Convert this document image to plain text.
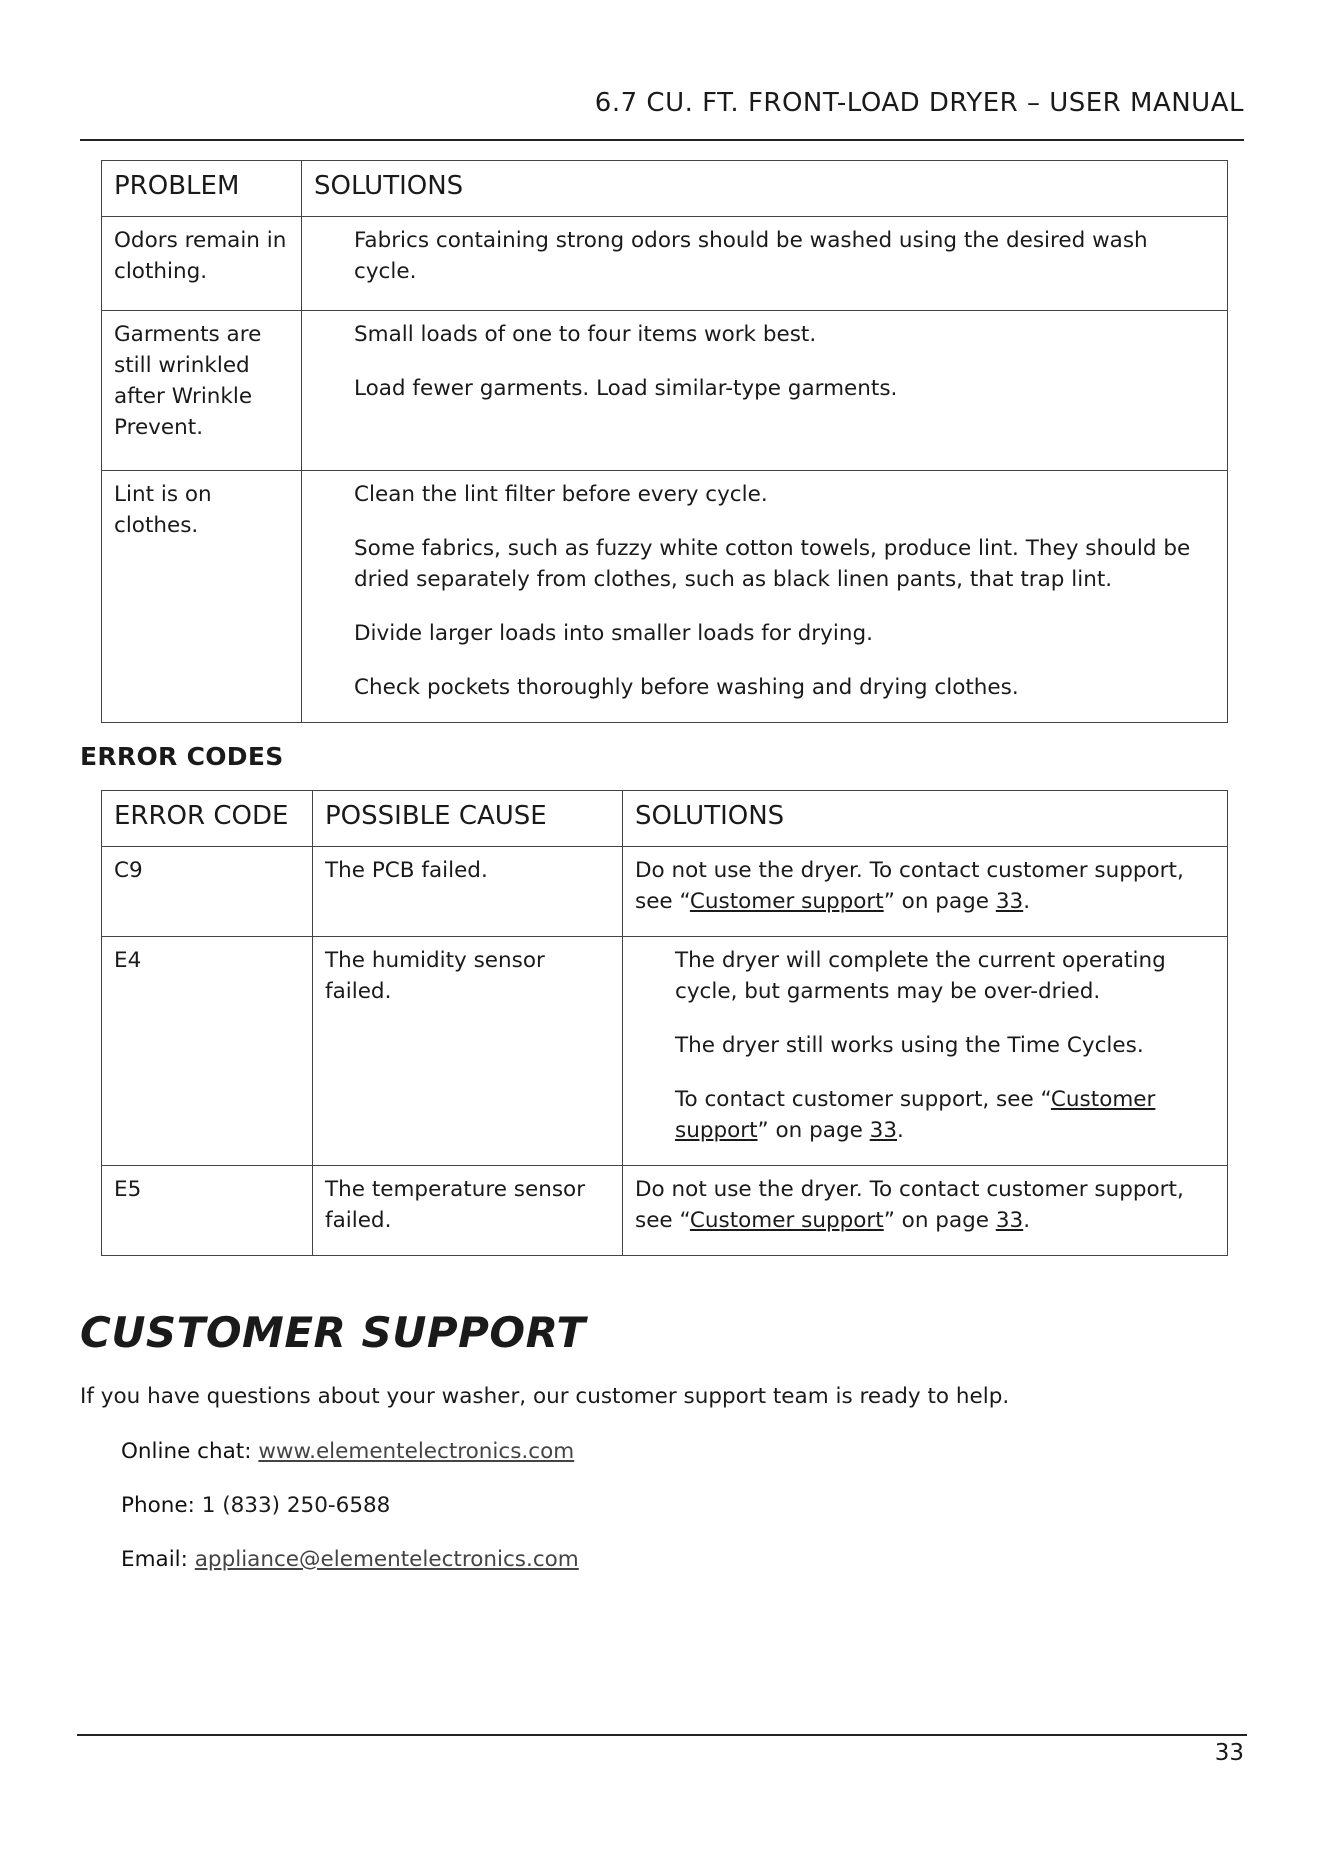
6.7 CU. FT. FRONT-LOAD DRYER – USER MANUAL
PROBLEM	SOLUTIONS
Odors remain in clothing.	Fabrics containing strong odors should be washed using the desired wash cycle.

Garments are still wrinkled after Wrinkle Prevent.	Small loads of one to four items work best.

Load fewer garments. Load similar-type garments.

Lint is on clothes.	Clean the lint filter before every cycle.

Some fabrics, such as fuzzy white cotton towels, produce lint. They should be dried separately from clothes, such as black linen pants, that trap lint.

Divide larger loads into smaller loads for drying.

Check pockets thoroughly before washing and drying clothes.

ERROR CODES
ERROR CODE	POSSIBLE CAUSE	SOLUTIONS
C9	The PCB failed.	Do not use the dryer. To contact customer support, see “Customer support” on page 33.
E4	The humidity sensor failed.	The dryer will complete the current operating cycle, but garments may be over-dried.

The dryer still works using the Time Cycles.

To contact customer support, see “Customer support” on page 33.

E5	The temperature sensor failed.	Do not use the dryer. To contact customer support, see “Customer support” on page 33.
CUSTOMER SUPPORT
If you have questions about your washer, our customer support team is ready to help.
Online chat: www.elementelectronics.com
Phone: 1 (833) 250-6588
Email: appliance@elementelectronics.com
33
